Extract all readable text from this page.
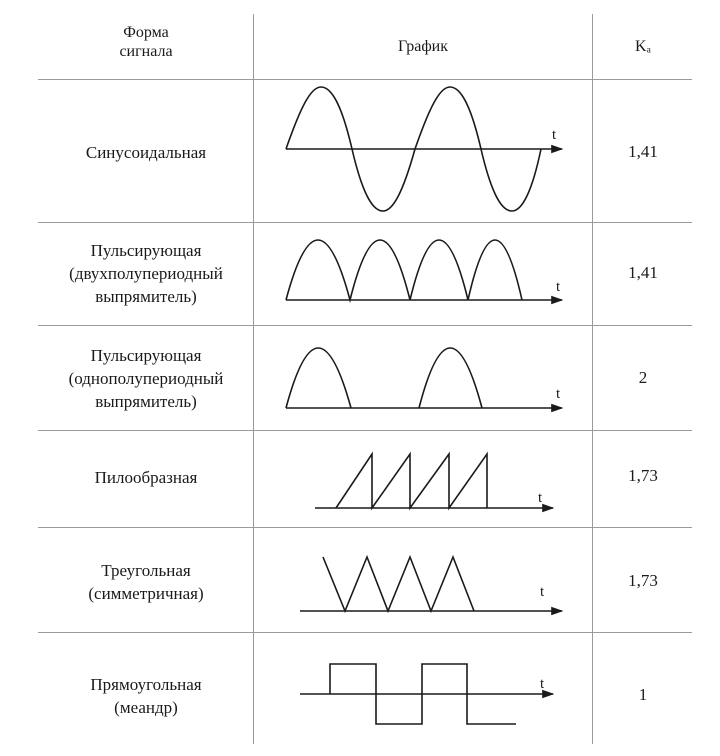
Форма
сигнала	График	Kₐ
Синусоидальная
Пульсирующая
(двухполупериодный
выпрямитель)
Пульсирующая
(однополупериодный
выпрямитель)
Пилообразная
Треугольная
(симметричная)
Прямоугольная
(меандр)
1,41
1,41
2
1,73
1,73
1
t
t
t
t
t
t
